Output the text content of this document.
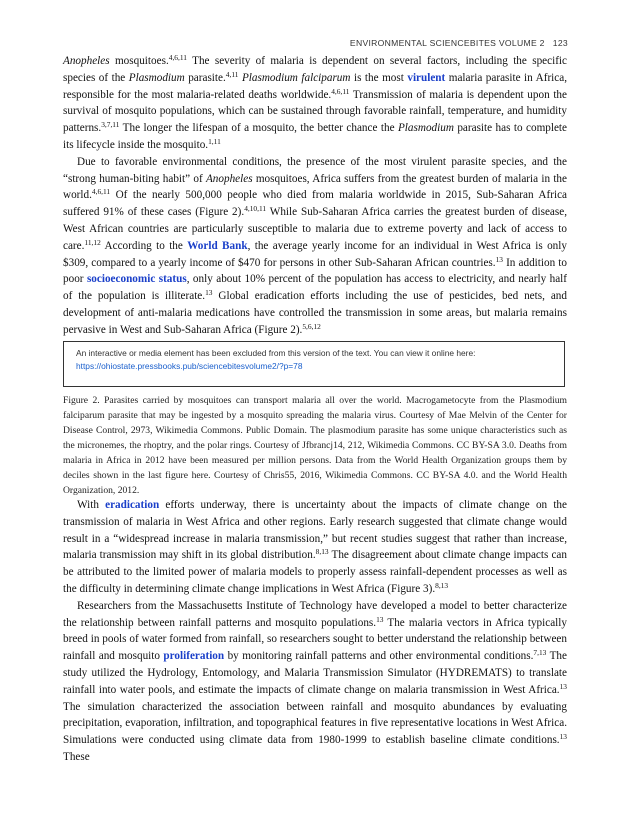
ENVIRONMENTAL SCIENCEBITES VOLUME 2 123

Anopheles mosquitoes.$^{4,6,11}$ The severity of malaria is dependent on several factors, including the specific species of the Plasmodium parasite.$^{4,11}$ Plasmodium falciparum is the most virulent malaria parasite in Africa, responsible for the most malaria-related deaths worldwide.$^{4,6,11}$ Transmission of malaria is dependent upon the survival of mosquito populations, which can be sustained through favorable rainfall, temperature, and humidity patterns.$^{3,7,11}$ The longer the lifespan of a mosquito, the better chance the Plasmodium parasite has to complete its lifecycle inside the mosquito.$^{1,11}$

Due to favorable environmental conditions, the presence of the most virulent parasite species, and the “strong human-biting habit” of Anopheles mosquitoes, Africa suffers from the greatest burden of malaria in the world.$^{4,6,11}$ Of the nearly 500,000 people who died from malaria worldwide in 2015, Sub-Saharan Africa suffered 91% of these cases (Figure 2).$^{4,10,11}$ While Sub-Saharan Africa carries the greatest burden of disease, West African countries are particularly susceptible to malaria due to extreme poverty and lack of access to care.$^{11,12}$ According to the World Bank, the average yearly income for an individual in West Africa is only $309, compared to a yearly income of $470 for persons in other Sub-Saharan African countries.$^{13}$ In addition to poor socioeconomic status, only about 10% percent of the population has access to electricity, and nearly half of the population is illiterate.$^{13}$ Global eradication efforts including the use of pesticides, bed nets, and development of anti-malaria medications have controlled the transmission in some areas, but malaria remains pervasive in West and Sub-Saharan Africa (Figure 2).$^{5,6,12}$

An interactive or media element has been excluded from this version of the text. You can view it online here:
https://ohiostate.pressbooks.pub/sciencebitesvolume2/?p=78

Figure 2. Parasites carried by mosquitoes can transport malaria all over the world. Macrogametocyte from the Plasmodium falciparum parasite that may be ingested by a mosquito spreading the malaria virus. Courtesy of Mae Melvin of the Center for Disease Control, 2973, Wikimedia Commons. Public Domain. The plasmodium parasite has some unique characteristics such as the micronemes, the rhoptry, and the polar rings. Courtesy of Jfbrancj14, 212, Wikimedia Commons. CC BY-SA 3.0. Deaths from malaria in Africa in 2012 have been measured per million persons. Data from the World Health Organization groups them by deciles shown in the last figure here. Courtesy of Chris55, 2016, Wikimedia Commons. CC BY-SA 4.0. and the World Health Organization, 2012.

With eradication efforts underway, there is uncertainty about the impacts of climate change on the transmission of malaria in West Africa and other regions. Early research suggested that climate change would result in a “widespread increase in malaria transmission,” but recent studies suggest that rather than increase, malaria transmission may shift in its global distribution.$^{8,13}$ The disagreement about climate change impacts can be attributed to the limited power of malaria models to properly assess rainfall-dependent processes as well as the difficulty in determining climate change implications in West Africa (Figure 3).$^{8,13}$

Researchers from the Massachusetts Institute of Technology have developed a model to better characterize the relationship between rainfall patterns and mosquito populations.$^{13}$ The malaria vectors in Africa typically breed in pools of water formed from rainfall, so researchers sought to better understand the relationship between rainfall and mosquito proliferation by monitoring rainfall patterns and other environmental conditions.$^{7,13}$ The study utilized the Hydrology, Entomology, and Malaria Transmission Simulator (HYDREMATS) to translate rainfall into water pools, and estimate the impacts of climate change on malaria transmission in West Africa.$^{13}$ The simulation characterized the association between rainfall and mosquito abundances by evaluating precipitation, evaporation, infiltration, and topographical features in five representative locations in West Africa. Simulations were conducted using climate data from 1980-1999 to establish baseline climate conditions.$^{13}$ These
